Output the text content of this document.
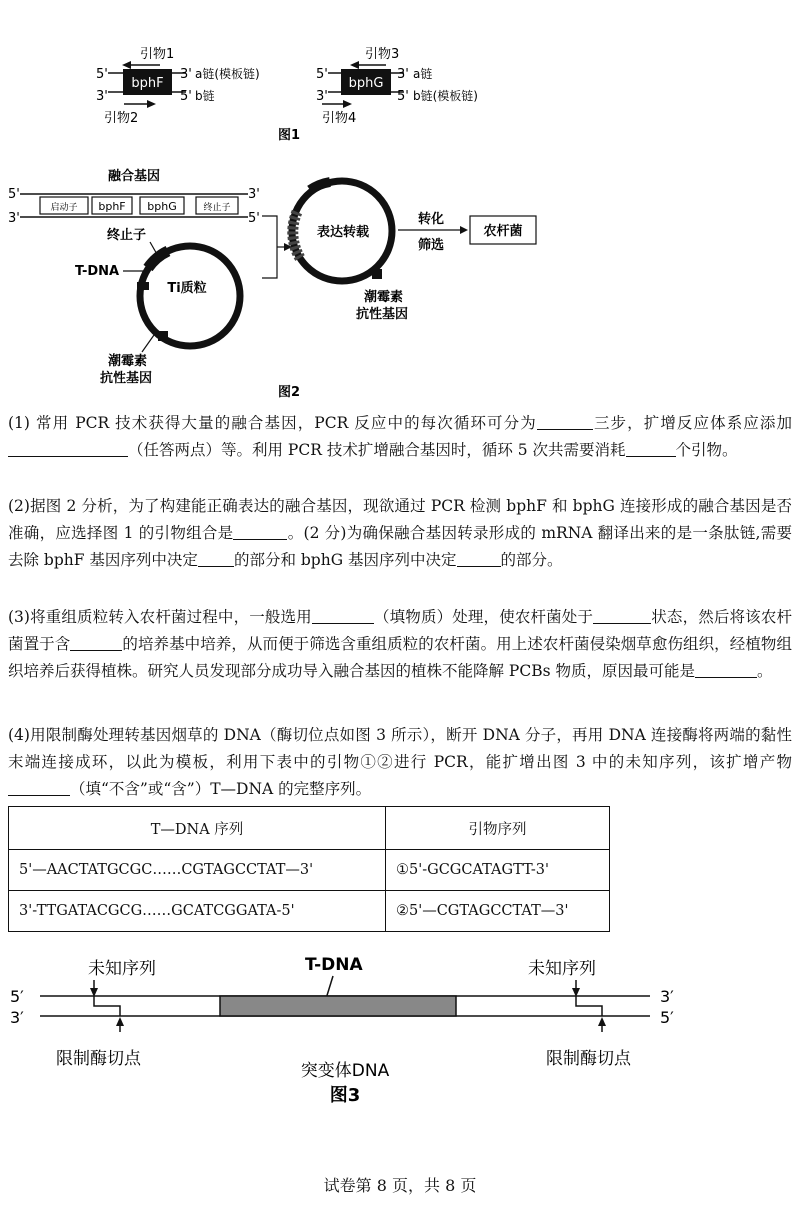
引物1
5'
bphF
3' a链(模板链)
3'	5' b链
引物2
引物3
5'
bphG
3' a链
3'	5' b链(模板链)
引物4
图1
融合基因
5'
3'
3'
5'
启动子 bphF bphG	终止子
终止子
T-DNA
Ti质粒
潮霉素
抗性基因
表达转载
潮霉素
抗性基因
转化
筛选
农杆菌
图2
(1) 常用 PCR 技术获得大量的融合基因，PCR 反应中的每次循环可分为	三步，扩增反应体系应添加（任答两点）等。利用 PCR 技术扩增融合基因时，循环 5 次共需要消耗	个引物。
(2)据图 2 分析，为了构建能正确表达的融合基因，现欲通过 PCR 检测 bphF 和 bphG 连接形成的融合基因是否准确，应选择图 1 的引物组合是	。(2 分)为确保融合基因转录形成的 mRNA 翻译出来的是一条肽链,需要去除 bphF 基因序列中决定 的部分和 bphG 基因序列中决定	的部分。
(3)将重组质粒转入农杆菌过程中，一般选用	（填物质）处理，使农杆菌处于	状态，然后将该农杆菌置于含	的培养基中培养，从而便于筛选含重组质粒的农杆菌。用上述农杆菌侵染烟草愈伤组织，经植物组织培养后获得植株。研究人员发现部分成功导入融合基因的植株不能降解 PCBs 物质，原因最可能是	。
(4)用限制酶处理转基因烟草的 DNA（酶切位点如图 3 所示），断开 DNA 分子，再用 DNA 连接酶将两端的黏性末端连接成环，以此为模板，利用下表中的引物①②进行 PCR，能扩增出图 3 中的未知序列，该扩增产物（填“不含”或“含”）T—DNA 的完整序列。
T—DNA 序列	引物序列
5'—AACTATGCGC……CGTAGCCTAT—3'	①5'-GCGCATAGTT-3'
3'-TTGATACGCG……GCATCGGATA-5'	②5'—CGTAGCCTAT—3'
未知序列	未知序列
T-DNA
5′
3′
3′
5′
限制酶切点	限制酶切点
突变体DNA
图3
试卷第 8 页，共 8 页
